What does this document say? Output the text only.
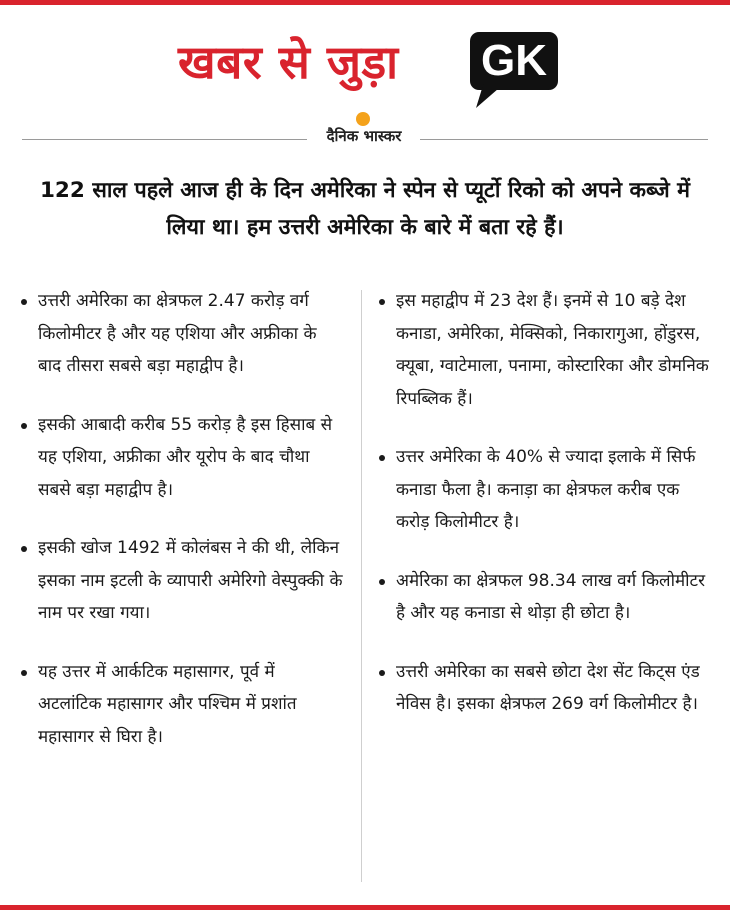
खबर से जुड़ा GK
दैनिक भास्कर
122 साल पहले आज ही के दिन अमेरिका ने स्पेन से प्यूर्टो रिको को अपने कब्जे में लिया था। हम उत्तरी अमेरिका के बारे में बता रहे हैं।
उत्तरी अमेरिका का क्षेत्रफल 2.47 करोड़ वर्ग किलोमीटर है और यह एशिया और अफ्रीका के बाद तीसरा सबसे बड़ा महाद्वीप है।
इसकी आबादी करीब 55 करोड़ है इस हिसाब से यह एशिया, अफ्रीका और यूरोप के बाद चौथा सबसे बड़ा महाद्वीप है।
इसकी खोज 1492 में कोलंबस ने की थी, लेकिन इसका नाम इटली के व्यापारी अमेरिगो वेस्पुक्की के नाम पर रखा गया।
यह उत्तर में आर्कटिक महासागर, पूर्व में अटलांटिक महासागर और पश्चिम में प्रशांत महासागर से घिरा है।
इस महाद्वीप में 23 देश हैं। इनमें से 10 बड़े देश कनाडा, अमेरिका, मेक्सिको, निकारागुआ, होंडुरस, क्यूबा, ग्वाटेमाला, पनामा, कोस्टारिका और डोमनिक रिपब्लिक हैं।
उत्तर अमेरिका के 40% से ज्यादा इलाके में सिर्फ कनाडा फैला है। कनाड़ा का क्षेत्रफल करीब एक करोड़ किलोमीटर है।
अमेरिका का क्षेत्रफल 98.34 लाख वर्ग किलोमीटर है और यह कनाडा से थोड़ा ही छोटा है।
उत्तरी अमेरिका का सबसे छोटा देश सेंट किट्स एंड नेविस है। इसका क्षेत्रफल 269 वर्ग किलोमीटर है।
